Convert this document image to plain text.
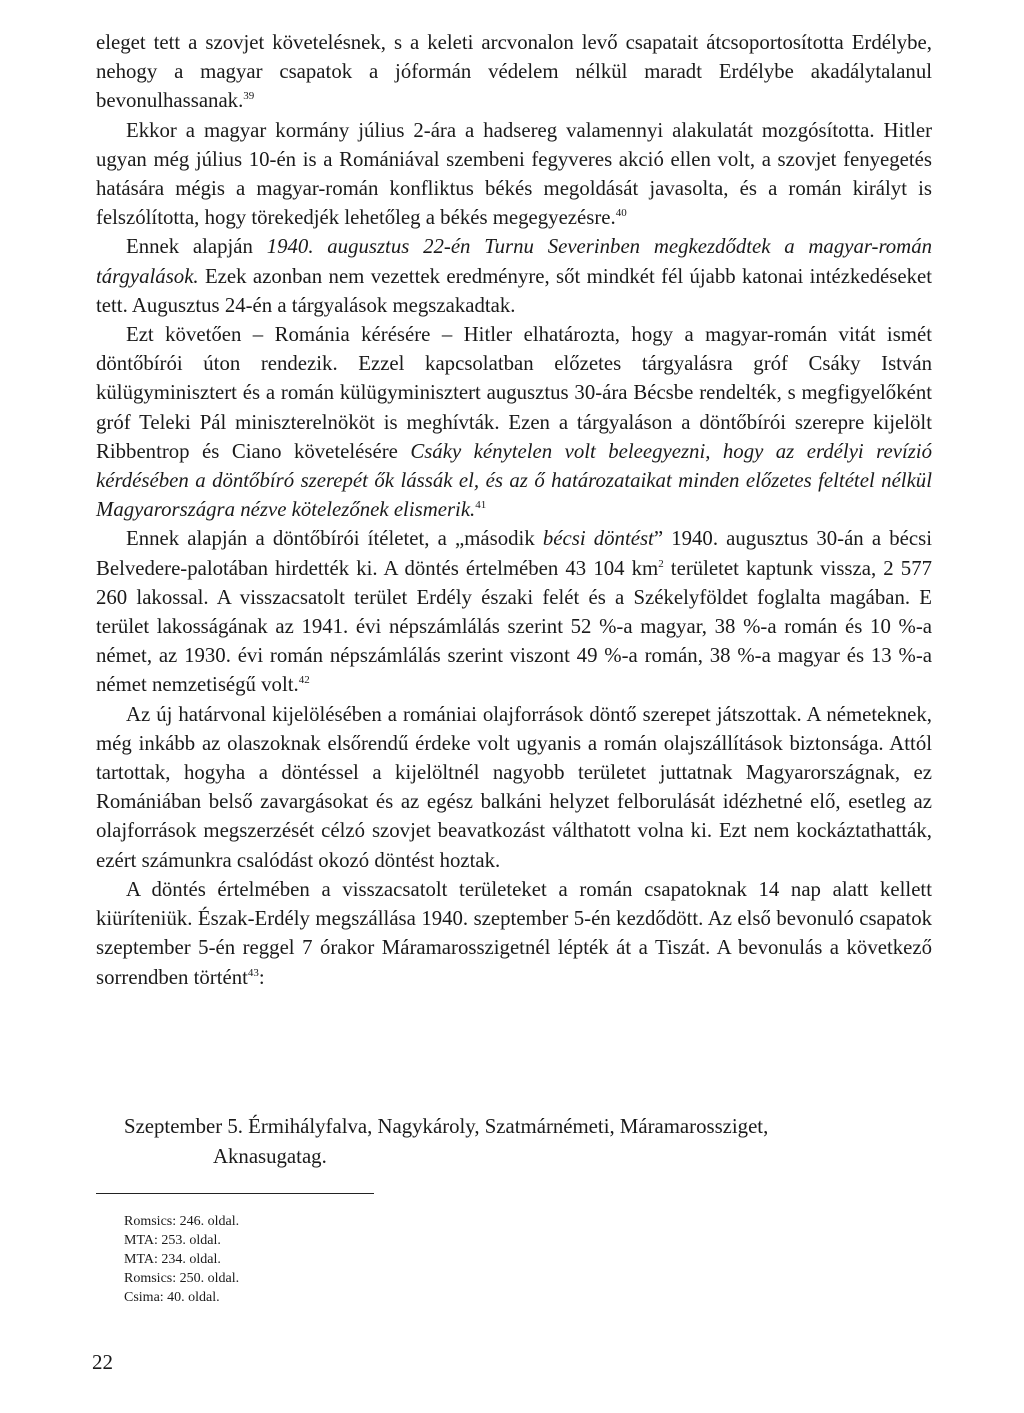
eleget tett a szovjet követelésnek, s a keleti arcvonalon levő csapatait átcsoportosította Erdélybe, nehogy a magyar csapatok a jóformán védelem nélkül maradt Erdélybe akadálytalanul bevonulhassanak.$^{39}$

Ekkor a magyar kormány július 2-ára a hadsereg valamennyi alakulatát mozgósította. Hitler ugyan még július 10-én is a Romániával szembeni fegyveres akció ellen volt, a szovjet fenyegetés hatására mégis a magyar-román konfliktus békés megoldását javasolta, és a román királyt is felszólította, hogy törekedjék lehetőleg a békés megegyezésre.$^{40}$

Ennek alapján 1940. augusztus 22-én Turnu Severinben megkezdődtek a magyar-román tárgyalások. Ezek azonban nem vezettek eredményre, sőt mindkét fél újabb katonai intézkedéseket tett. Augusztus 24-én a tárgyalások megszakadtak.

Ezt követően – Románia kérésére – Hitler elhatározta, hogy a magyar-román vitát ismét döntőbírói úton rendezik. Ezzel kapcsolatban előzetes tárgyalásra gróf Csáky István külügyminisztert és a román külügyminisztert augusztus 30-ára Bécsbe rendelték, s megfigyelőként gróf Teleki Pál miniszterelnököt is meghívták. Ezen a tárgyaláson a döntőbírói szerepre kijelölt Ribbentrop és Ciano követelésére Csáky kénytelen volt beleegyezni, hogy az erdélyi revízió kérdésében a döntőbíró szerepét ők lássák el, és az ő határozataikat minden előzetes feltétel nélkül Magyarországra nézve kötelezőnek elismerik.$^{41}$

Ennek alapján a döntőbírói ítéletet, a „második bécsi döntést” 1940. augusztus 30-án a bécsi Belvedere-palotában hirdették ki. A döntés értelmében 43 104 $km^2$ területet kaptunk vissza, 2 577 260 lakossal. A visszacsatolt terület Erdély északi felét és a Székelyföldet foglalta magában. E terület lakosságának az 1941. évi népszámlálás szerint 52 %-a magyar, 38 %-a román és 10 %-a német, az 1930. évi román népszámlálás szerint viszont 49 %-a román, 38 %-a magyar és 13 %-a német nemzetiségű volt.$^{42}$

Az új határvonal kijelölésében a romániai olajforrások döntő szerepet játszottak. A németeknek, még inkább az olaszoknak elsőrendű érdeke volt ugyanis a román olajszállítások biztonsága. Attól tartottak, hogyha a döntéssel a kijelöltnél nagyobb területet juttatnak Magyarországnak, ez Romániában belső zavargásokat és az egész balkáni helyzet felborulását idézhetné elő, esetleg az olajforrások megszerzését célzó szovjet beavatkozást válthatott volna ki. Ezt nem kockáztathatták, ezért számunkra csalódást okozó döntést hoztak.

A döntés értelmében a visszacsatolt területeket a román csapatoknak 14 nap alatt kellett kiüríteniük. Észak-Erdély megszállása 1940. szeptember 5-én kezdődött. Az első bevonuló csapatok szeptember 5-én reggel 7 órakor Máramarosszigetnél lépték át a Tiszát. A bevonulás a következő sorrendben történt$^{43}$:

Szeptember 5. Érmihályfalva, Nagykároly, Szatmárnémeti, Máramarossziget,
Aknasugatag.
Romsics: 246. oldal.
MTA: 253. oldal.
MTA: 234. oldal.
Romsics: 250. oldal.
Csima: 40. oldal.
22
